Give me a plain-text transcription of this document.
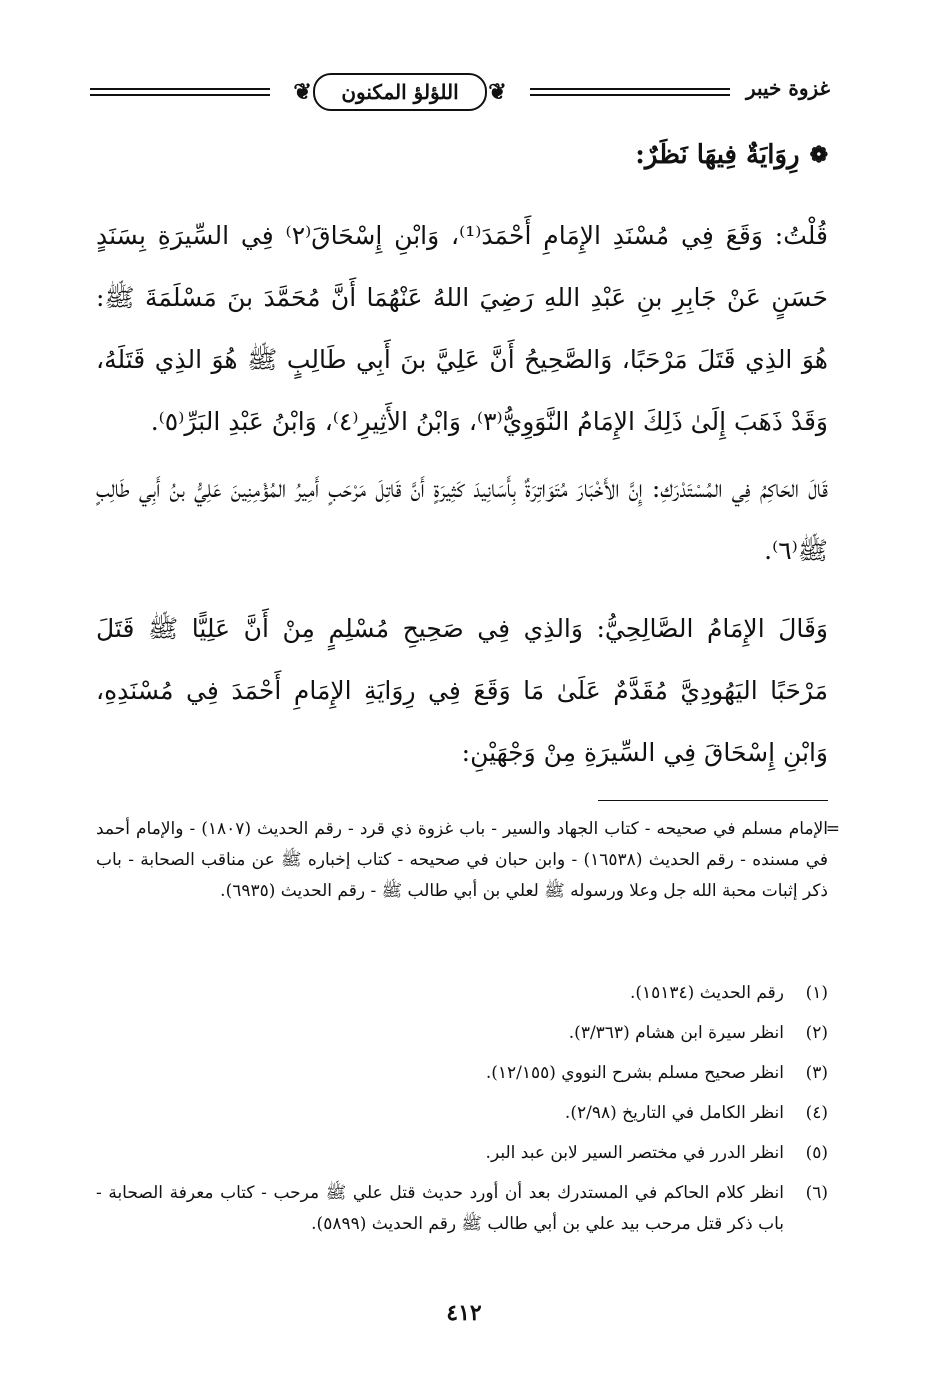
❦
اللؤلؤ المكنون
❦	غزوة خيبر
❁
رِوَايَةٌ فِيهَا نَظَرٌ:

قُلْتُ: وَقَعَ فِي مُسْنَدِ الإِمَامِ أَحْمَدَ⁽¹⁾، وَابْنِ إِسْحَاقَ⁽٢⁾ فِي السِّيرَةِ بِسَنَدٍ حَسَنٍ عَنْ جَابِرِ بنِ عَبْدِ اللهِ رَضِيَ اللهُ عَنْهُمَا أَنَّ مُحَمَّدَ بنَ مَسْلَمَةَ ﷺ: هُوَ الذِي قَتَلَ مَرْحَبًا، وَالصَّحِيحُ أَنَّ عَلِيَّ بنَ أَبِي طَالِبٍ ﷺ هُوَ الذِي قَتَلَهُ، وَقَدْ ذَهَبَ إِلَىٰ ذَلِكَ الإِمَامُ النَّوَوِيُّ⁽٣⁾، وَابْنُ الأَثِيرِ⁽٤⁾، وَابْنُ عَبْدِ البَرِّ⁽٥⁾.

قَالَ الحَاكِمُ فِي المُسْتَدْرَكِ: إِنَّ الأَخْبَارَ مُتَوَاتِرَةٌ بِأَسَانِيدَ كَثِيرَةٍ أَنَّ قَاتِلَ مَرْحَبٍ أَمِيرُ المُؤْمِنِينَ عَلِيُّ بنُ أَبِي طَالِبٍ ﷺ⁽٦⁾.

وَقَالَ الإِمَامُ الصَّالِحِيُّ: وَالذِي فِي صَحِيحِ مُسْلِمٍ مِنْ أَنَّ عَلِيًّا ﷺ قَتَلَ مَرْحَبًا اليَهُودِيَّ مُقَدَّمٌ عَلَىٰ مَا وَقَعَ فِي رِوَايَةِ الإِمَامِ أَحْمَدَ فِي مُسْنَدِهِ، وَابْنِ إِسْحَاقَ فِي السِّيرَةِ مِنْ وَجْهَيْنِ:

=
الإمام مسلم في صحيحه - كتاب الجهاد والسير - باب غزوة ذي قرد - رقم الحديث (١٨٠٧) - والإمام أحمد في مسنده - رقم الحديث (١٦٥٣٨) - وابن حبان في صحيحه - كتاب إخباره ﷺ عن مناقب الصحابة - باب ذكر إثبات محبة الله جل وعلا ورسوله ﷺ لعلي بن أبي طالب ﷺ - رقم الحديث (٦٩٣٥).
(١)
رقم الحديث (١٥١٣٤).
(٢)
انظر سيرة ابن هشام (٣/٣٦٣).
(٣)
انظر صحيح مسلم بشرح النووي (١٢/١٥٥).
(٤)
انظر الكامل في التاريخ (٢/٩٨).
(٥)
انظر الدرر في مختصر السير لابن عبد البر.
(٦)
انظر كلام الحاكم في المستدرك بعد أن أورد حديث قتل علي ﷺ مرحب - كتاب معرفة الصحابة - باب ذكر قتل مرحب بيد علي بن أبي طالب ﷺ رقم الحديث (٥٨٩٩).
٤١٢
